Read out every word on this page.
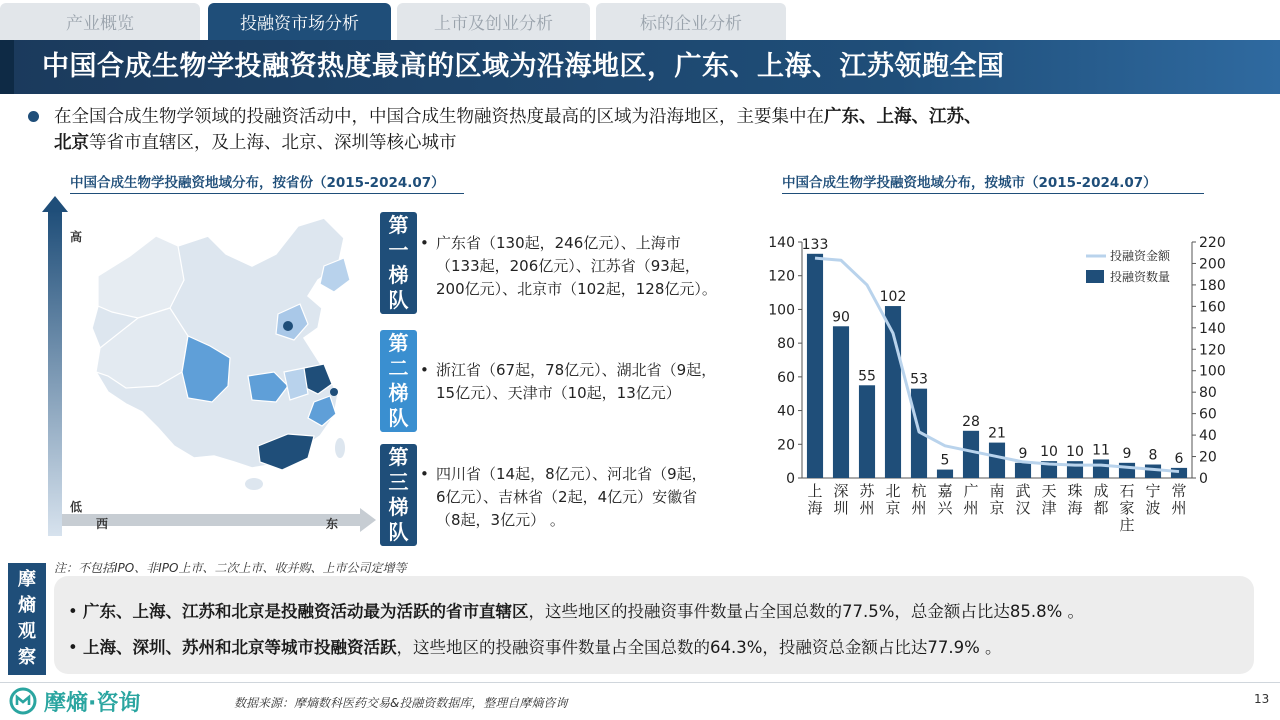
产业概览	投融资市场分析	上市及创业分析	标的企业分析
中国合成生物学投融资热度最高的区域为沿海地区，广东、上海、江苏领跑全国
在全国合成生物学领域的投融资活动中，中国合成生物融资热度最高的区域为沿海地区，主要集中在广东、上海、江苏、
北京等省市直辖区，及上海、北京、深圳等核心城市
中国合成生物学投融资地域分布，按省份（2015-2024.07）
高
低
西	东
第
一
梯
队
• 广东省（130起，246亿元）、上海市
（133起，206亿元）、江苏省（93起，
200亿元）、北京市（102起，128亿元）。
第
二
梯
队
• 浙江省（67起，78亿元）、湖北省（9起，
15亿元）、天津市（10起，13亿元）
第
三
梯
队
• 四川省（14起，8亿元）、河北省（9起，
6亿元）、吉林省（2起，4亿元）安徽省
（8起，3亿元） 。
中国合成生物学投融资地域分布，按城市（2015-2024.07）
0
20
40
60
80
100
120
140
0
20
40
60
80
100
120
140
160
180
200
220
上
海
深
圳
苏
州
北
京
杭
州
嘉
兴
广
州
南
京
武
汉
天
津
珠
海
成
都
石
家
庄
宁
波
常
州
133
90
55
102
53
5
28
21
9 10 10 11 9 8 6
投融资金额
投融资数量
注：不包括IPO、非IPO上市、二次上市、收并购、上市公司定增等
摩
熵
观
察
• 广东、上海、江苏和北京是投融资活动最为活跃的省市直辖区，这些地区的投融资事件数量占全国总数的77.5%，总金额占比达85.8% 。
• 上海、深圳、苏州和北京等城市投融资活跃，这些地区的投融资事件数量占全国总数的64.3%，投融资总金额占比达77.9% 。
摩熵·咨询	数据来源：摩熵数科医药交易&投融资数据库，整理自摩熵咨询	13
